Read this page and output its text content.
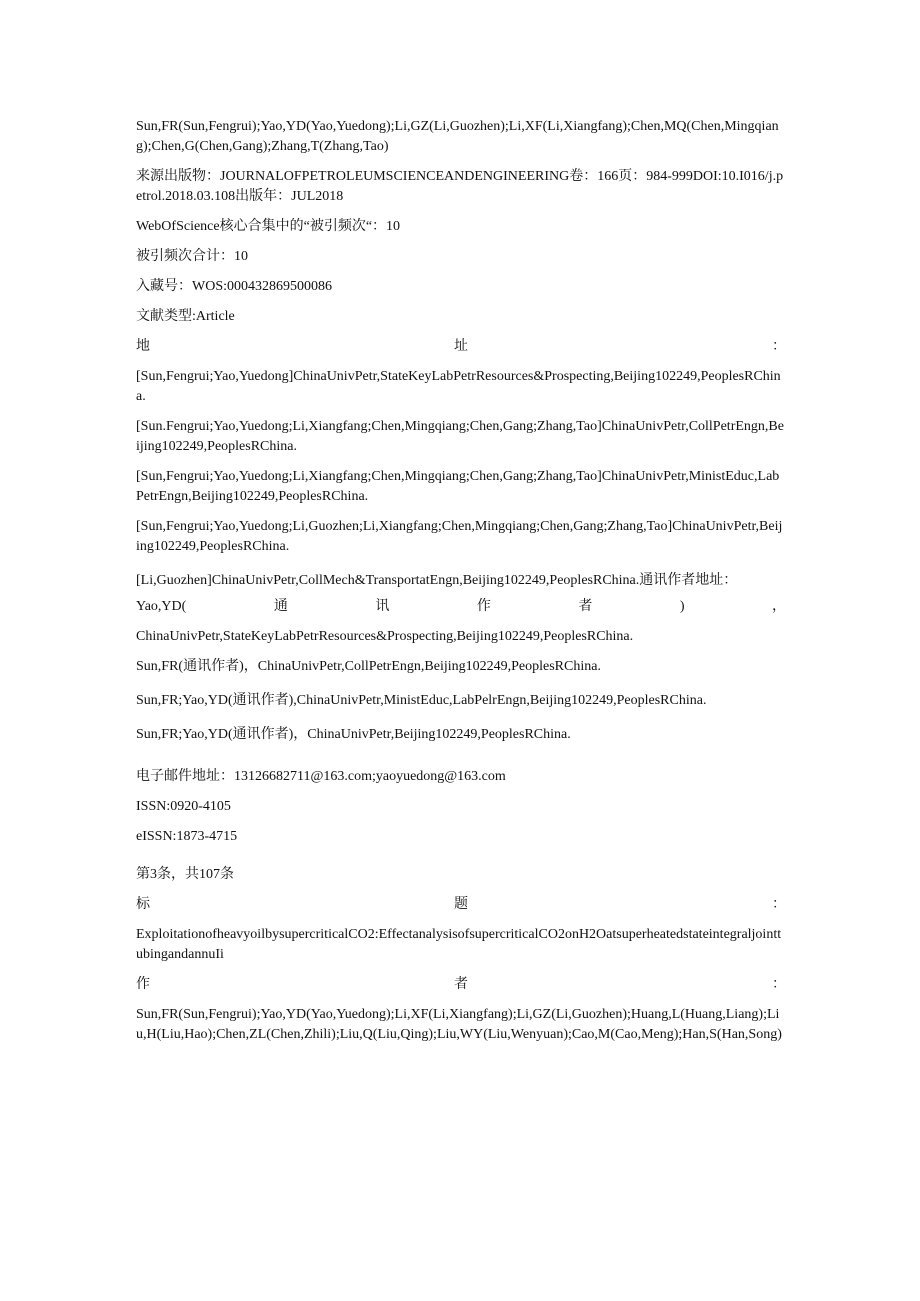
Sun,FR(Sun,Fengrui);Yao,YD(Yao,Yuedong);Li,GZ(Li,Guozhen);Li,XF(Li,Xiangfang);Chen,MQ(Chen,Mingqiang);Chen,G(Chen,Gang);Zhang,T(Zhang,Tao)

来源出版物：JOURNALOFPETROLEUMSCIENCEANDENGINEERING卷：166页：984-999DOI:10.I016/j.petrol.2018.03.108出版年：JUL2018

WebOfScience核心合集中的“被引频次“：10

被引频次合计：10

入藏号：WOS:000432869500086

文献类型:Article

地	址	：

[Sun,Fengrui;Yao,Yuedong]ChinaUnivPetr,StateKeyLabPetrResources&Prospecting,Beijing102249,PeoplesRChina.

[Sun.Fengrui;Yao,Yuedong;Li,Xiangfang;Chen,Mingqiang;Chen,Gang;Zhang,Tao]ChinaUnivPetr,CollPetrEngn,Beijing102249,PeoplesRChina.

[Sun,Fengrui;Yao,Yuedong;Li,Xiangfang;Chen,Mingqiang;Chen,Gang;Zhang,Tao]ChinaUnivPetr,MinistEduc,LabPetrEngn,Beijing102249,PeoplesRChina.

[Sun,Fengrui;Yao,Yuedong;Li,Guozhen;Li,Xiangfang;Chen,Mingqiang;Chen,Gang;Zhang,Tao]ChinaUnivPetr,Beijing102249,PeoplesRChina.

[Li,Guozhen]ChinaUnivPetr,CollMech&TransportatEngn,Beijing102249,PeoplesRChina.通讯作者地址：

Yao,YD(	通	讯	作	者	)	，

ChinaUnivPetr,StateKeyLabPetrResources&Prospecting,Beijing102249,PeoplesRChina.

Sun,FR(通讯作者)，ChinaUnivPetr,CollPetrEngn,Beijing102249,PeoplesRChina.

Sun,FR;Yao,YD(通讯作者),ChinaUnivPetr,MinistEduc,LabPelrEngn,Beijing102249,PeoplesRChina.

Sun,FR;Yao,YD(通讯作者)，ChinaUnivPetr,Beijing102249,PeoplesRChina.

电子邮件地址：13126682711@163.com;yaoyuedong@163.com

ISSN:0920-4105

eISSN:1873-4715

第3条，共107条

标	题	：

ExploitationofheavyoilbysupercriticalCO2:EffectanalysisofsupercriticalCO2onH2OatsuperheatedstateintegraljointtubingandannuIi

作	者	：

Sun,FR(Sun,Fengrui);Yao,YD(Yao,Yuedong);Li,XF(Li,Xiangfang);Li,GZ(Li,Guozhen);Huang,L(Huang,Liang);Liu,H(Liu,Hao);Chen,ZL(Chen,Zhili);Liu,Q(Liu,Qing);Liu,WY(Liu,Wenyuan);Cao,M(Cao,Meng);Han,S(Han,Song)
